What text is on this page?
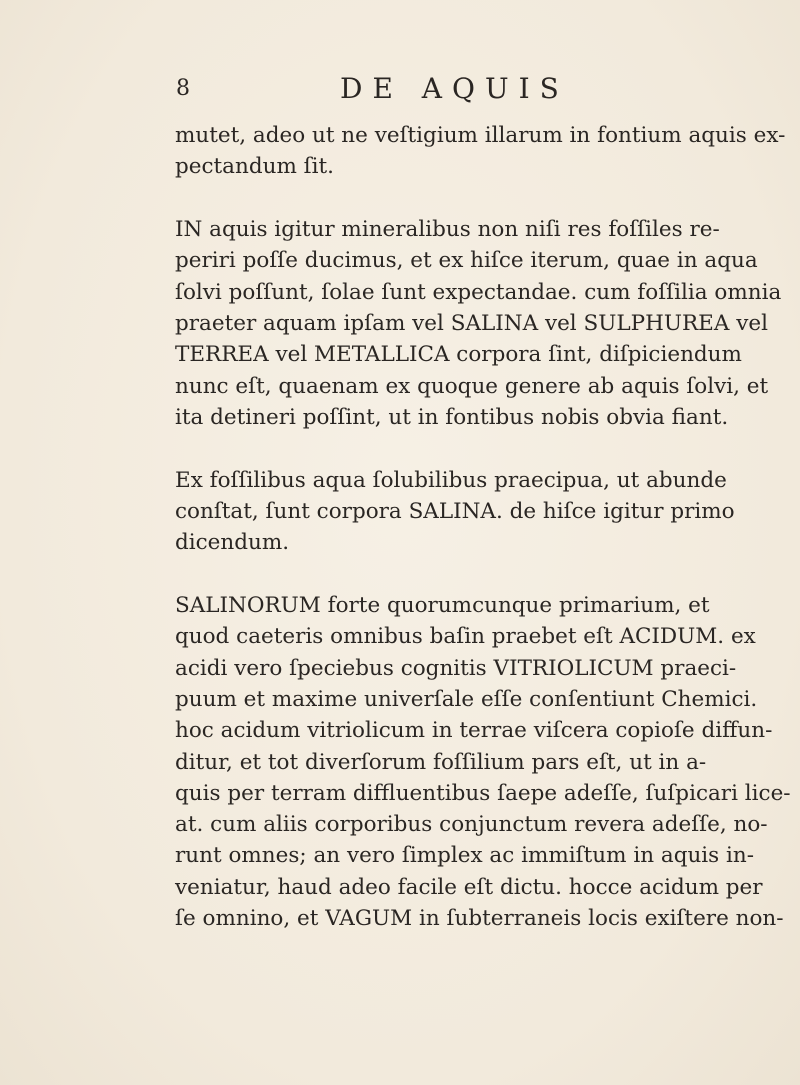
8	DE AQUIS
mutet, adeo ut ne veſtigium illarum in fontium aquis ex-
pectandum ſit.
IN aquis igitur mineralibus non niſi res foſſiles re-
periri poſſe ducimus, et ex hiſce iterum, quae in aqua
ſolvi poſſunt, ſolae ſunt expectandae. cum foſſilia omnia
praeter aquam ipſam vel SALINA vel SULPHUREA vel
TERREA vel METALLICA corpora ſint, diſpiciendum
nunc eſt, quaenam ex quoque genere ab aquis ſolvi, et
ita detineri poſſint, ut in fontibus nobis obvia fiant.
Ex foſſilibus aqua ſolubilibus praecipua, ut abunde
conſtat, ſunt corpora SALINA. de hiſce igitur primo
dicendum.
SALINORUM forte quorumcunque primarium, et
quod caeteris omnibus baſin praebet eſt ACIDUM. ex
acidi vero ſpeciebus cognitis VITRIOLICUM praeci-
puum et maxime univerſale eſſe conſentiunt Chemici.
hoc acidum vitriolicum in terrae viſcera copioſe diffun-
ditur, et tot diverſorum foſſilium pars eſt, ut in a-
quis per terram diffluentibus ſaepe adeſſe, ſuſpicari lice-
at. cum aliis corporibus conjunctum revera adeſſe, no-
runt omnes; an vero ſimplex ac immiſtum in aquis in-
veniatur, haud adeo facile eſt dictu. hocce acidum per
ſe omnino, et VAGUM in ſubterraneis locis exiſtere non-
